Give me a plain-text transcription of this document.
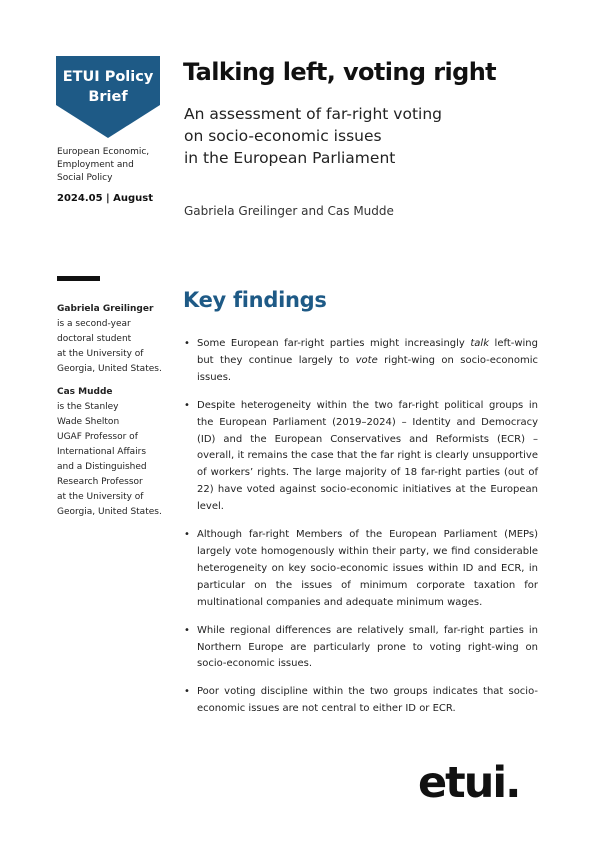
ETUI Policy
Brief
European Economic,
Employment and
Social Policy
2024.05 | August
Talking left, voting right
An assessment of far-right voting
on socio-economic issues
in the European Parliament
Gabriela Greilinger and Cas Mudde
Gabriela Greilinger
is a second-year
doctoral student
at the University of
Georgia, United States.
Cas Mudde
is the Stanley
Wade Shelton
UGAF Professor of
International Affairs
and a Distinguished
Research Professor
at the University of
Georgia, United States.
Key findings
• Some European far-right parties might increasingly talk left-wing but they continue largely to vote right-wing on socio-economic issues.
• Despite heterogeneity within the two far-right political groups in the European Parliament (2019–2024) – Identity and Democracy (ID) and the European Conservatives and Reformists (ECR) – overall, it remains the case that the far right is clearly unsupportive of workers’ rights. The large majority of 18 far-right parties (out of 22) have voted against socio-economic initiatives at the European level.
• Although far-right Members of the European Parliament (MEPs) largely vote homogenously within their party, we find considerable heterogeneity on key socio-economic issues within ID and ECR, in particular on the issues of minimum corporate taxation for multinational companies and adequate minimum wages.
• While regional differences are relatively small, far-right parties in Northern Europe are particularly prone to voting right-wing on socio-economic issues.
• Poor voting discipline within the two groups indicates that socio-economic issues are not central to either ID or ECR.
etui.
